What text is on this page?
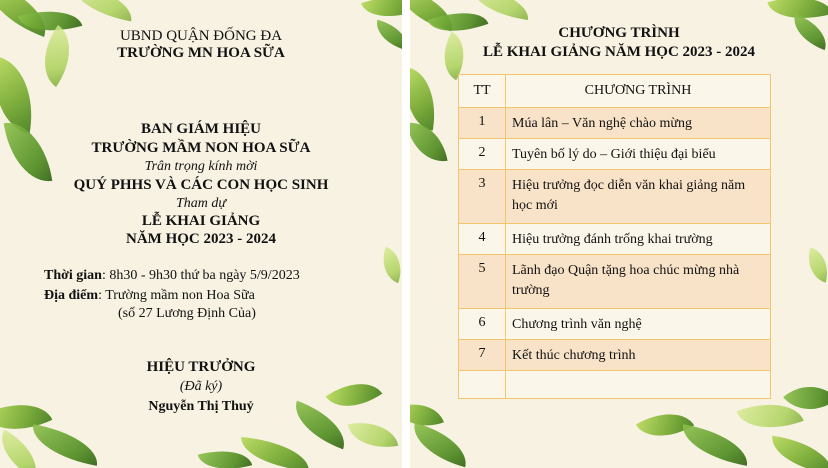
UBND QUẬN ĐỐNG ĐA
TRƯỜNG MN HOA SỮA
BAN GIÁM HIỆU
TRƯỜNG MẦM NON HOA SỮA
Trân trọng kính mời
QUÝ PHHS VÀ CÁC CON HỌC SINH
Tham dự
LỄ KHAI GIẢNG
NĂM HỌC 2023 - 2024
Thời gian: 8h30 - 9h30 thứ ba ngày 5/9/2023
Địa điểm: Trường mầm non Hoa Sữa
(số 27 Lương Định Của)
HIỆU TRƯỞNG
(Đã ký)
Nguyễn Thị Thuỷ
CHƯƠNG TRÌNH
LỄ KHAI GIẢNG NĂM HỌC 2023 - 2024
TT	CHƯƠNG TRÌNH
1	Múa lân – Văn nghệ chào mừng
2	Tuyên bố lý do – Giới thiệu đại biểu
3	Hiệu trưởng đọc diễn văn khai giảng năm học mới
4	Hiệu trưởng đánh trống khai trường
5	Lãnh đạo Quận tặng hoa chúc mừng nhà trường
6	Chương trình văn nghệ
7	Kết thúc chương trình
